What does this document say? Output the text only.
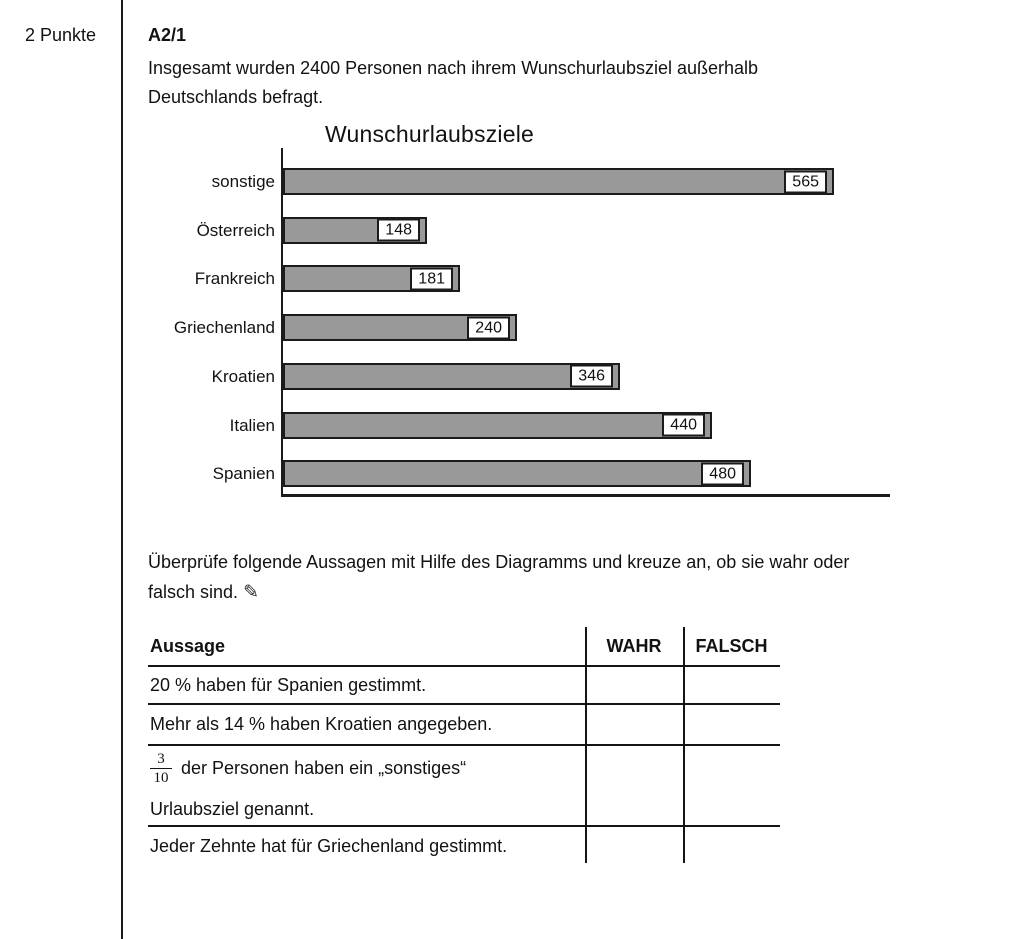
2 Punkte	A2/1

Insgesamt wurden 2400 Personen nach ihrem Wunschurlaubsziel außerhalb Deutschlands befragt.

Wunschurlaubsziele
sonstige	565
Österreich	148
Frankreich	181
Griechenland	240
Kroatien	346
Italien	440
Spanien	480

Überprüfe folgende Aussagen mit Hilfe des Diagramms und kreuze an, ob sie wahr oder falsch sind. ✎

Aussage	WAHR	FALSCH
20 % haben für Spanien gestimmt.
Mehr als 14 % haben Kroatien angegeben.
$\frac{3}{10}$ der Personen haben ein „sonstiges“
Urlaubsziel genannt.
Jeder Zehnte hat für Griechenland gestimmt.
